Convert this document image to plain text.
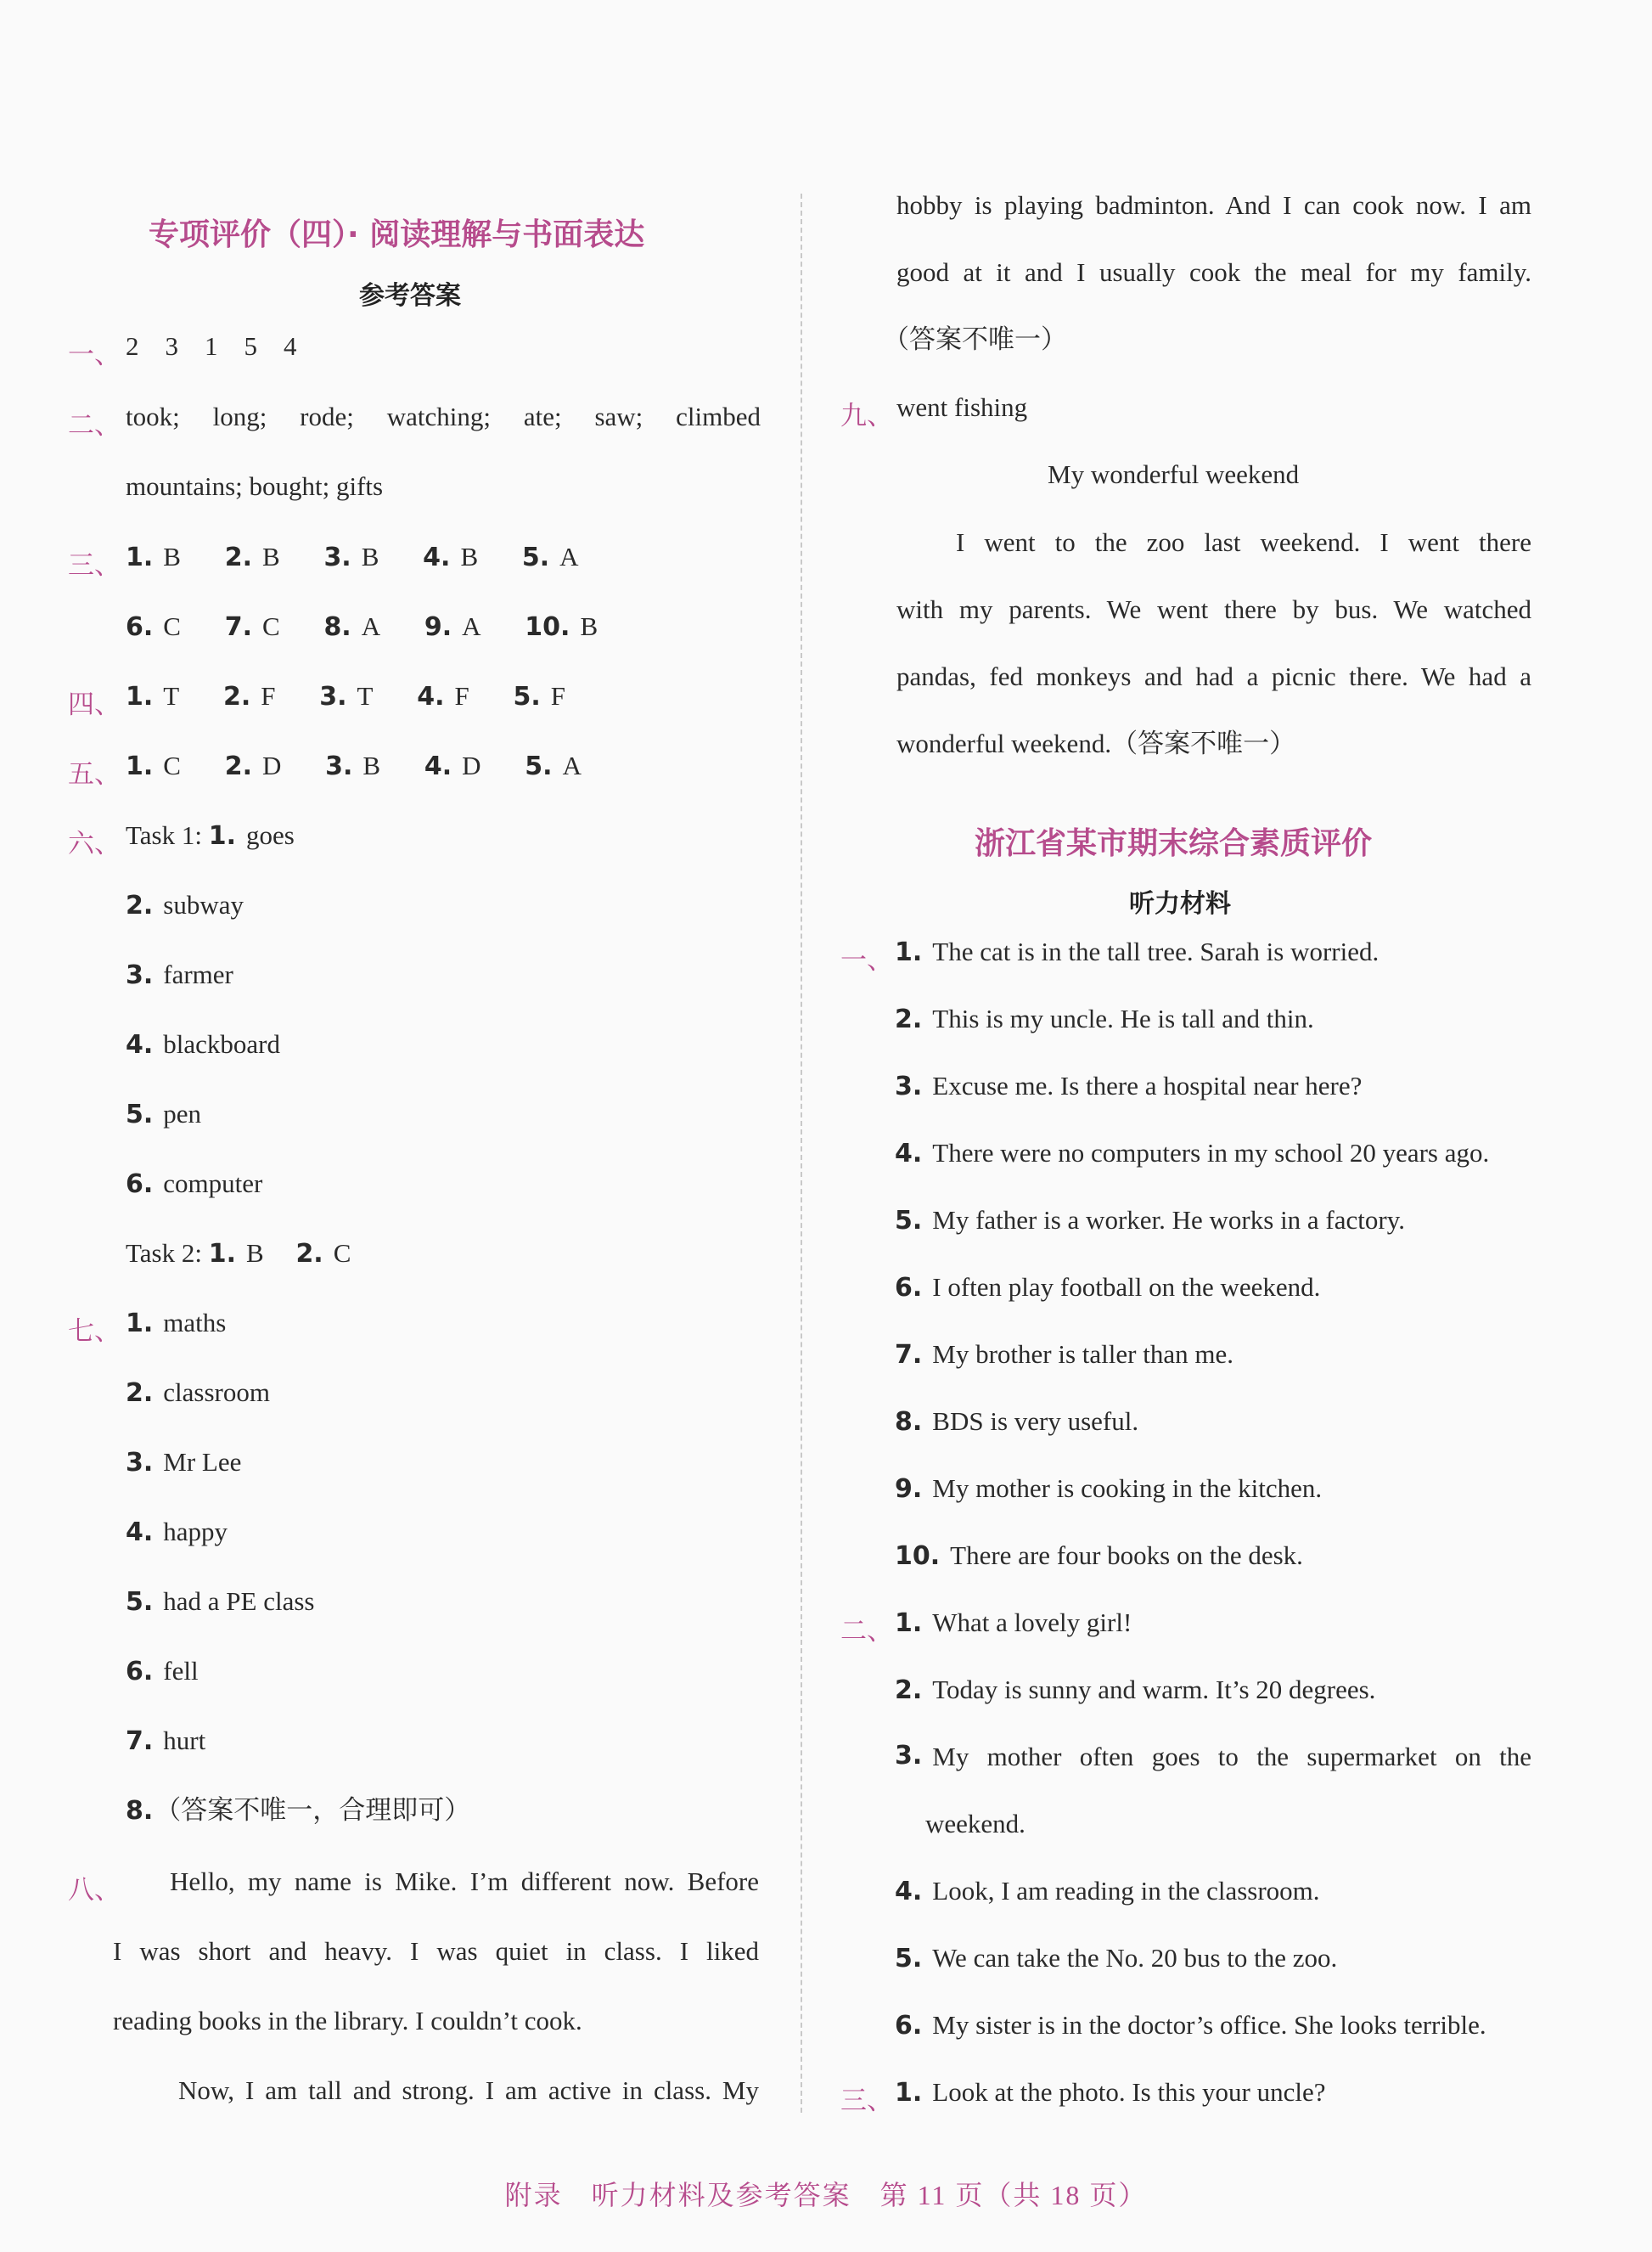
专项评价（四）· 阅读理解与书面表达
参考答案
一、 2　3　1　5　4
二、 took; long; rode; watching; ate; saw; climbed
mountains; bought; gifts
三、 1. B 2. B 3. B 4. B 5. A
6. C 7. C 8. A 9. A 10. B
四、 1. T 2. F 3. T 4. F 5. F
五、 1. C 2. D 3. B 4. D 5. A
六、 Task 1: 1. goes
2. subway
3. farmer
4. blackboard
5. pen
6. computer
Task 2: 1. B 2. C
七、 1. maths
2. classroom
3. Mr Lee
4. happy
5. had a PE class
6. fell
7. hurt
8.（答案不唯一，合理即可）
八、 Hello, my name is Mike. I’m different now. Before
I was short and heavy. I was quiet in class. I liked
reading books in the library. I couldn’t cook.
Now, I am tall and strong. I am active in class. My
hobby is playing badminton. And I can cook now. I am
good at it and I usually cook the meal for my family.
（答案不唯一）
九、 went fishing
My wonderful weekend
I went to the zoo last weekend. I went there
with my parents. We went there by bus. We watched
pandas, fed monkeys and had a picnic there. We had a
wonderful weekend.（答案不唯一）
浙江省某市期末综合素质评价
听力材料
一、 1. The cat is in the tall tree. Sarah is worried.
2. This is my uncle. He is tall and thin.
3. Excuse me. Is there a hospital near here?
4. There were no computers in my school 20 years ago.
5. My father is a worker. He works in a factory.
6. I often play football on the weekend.
7. My brother is taller than me.
8. BDS is very useful.
9. My mother is cooking in the kitchen.
10. There are four books on the desk.
二、 1. What a lovely girl!
2. Today is sunny and warm. It’s 20 degrees.
3. My mother often goes to the supermarket on the
weekend.
4. Look, I am reading in the classroom.
5. We can take the No. 20 bus to the zoo.
6. My sister is in the doctor’s office. She looks terrible.
三、 1. Look at the photo. Is this your uncle?
附录　听力材料及参考答案　第 11 页（共 18 页）
